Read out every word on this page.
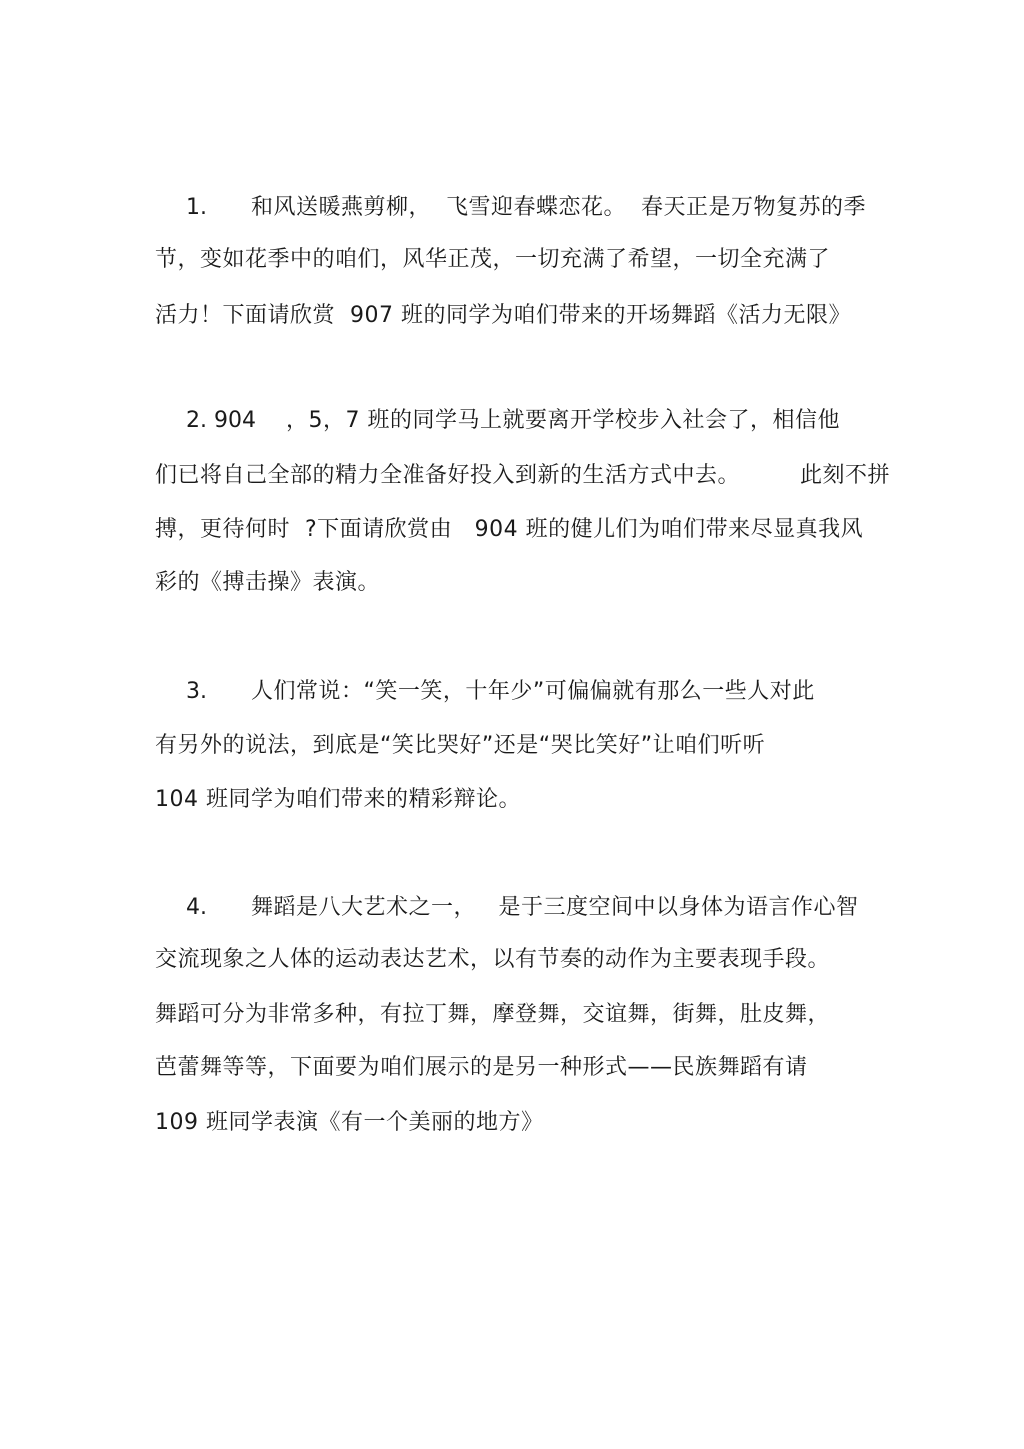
1. 和风送暖燕剪柳，  飞雪迎春蝶恋花。  春天正是万物复苏的季
节，变如花季中的咱们，风华正茂，一切充满了希望，一切全充满了
活力！下面请欣赏  907 班的同学为咱们带来的开场舞蹈《活力无限》
2. 904 ，5，7 班的同学马上就要离开学校步入社会了，相信他
们已将自己全部的精力全准备好投入到新的生活方式中去。        此刻不拼
搏，更待何时  ?下面请欣赏由   904 班的健儿们为咱们带来尽显真我风
彩的《搏击操》表演。
3. 人们常说：“笑一笑，十年少”可偏偏就有那么一些人对此
有另外的说法，到底是“笑比哭好”还是“哭比笑好”让咱们听听
104 班同学为咱们带来的精彩辩论。
4. 舞蹈是八大艺术之一，   是于三度空间中以身体为语言作心智
交流现象之人体的运动表达艺术，以有节奏的动作为主要表现手段。
舞蹈可分为非常多种，有拉丁舞，摩登舞，交谊舞，街舞，肚皮舞，
芭蕾舞等等，下面要为咱们展示的是另一种形式——民族舞蹈有请
109 班同学表演《有一个美丽的地方》
